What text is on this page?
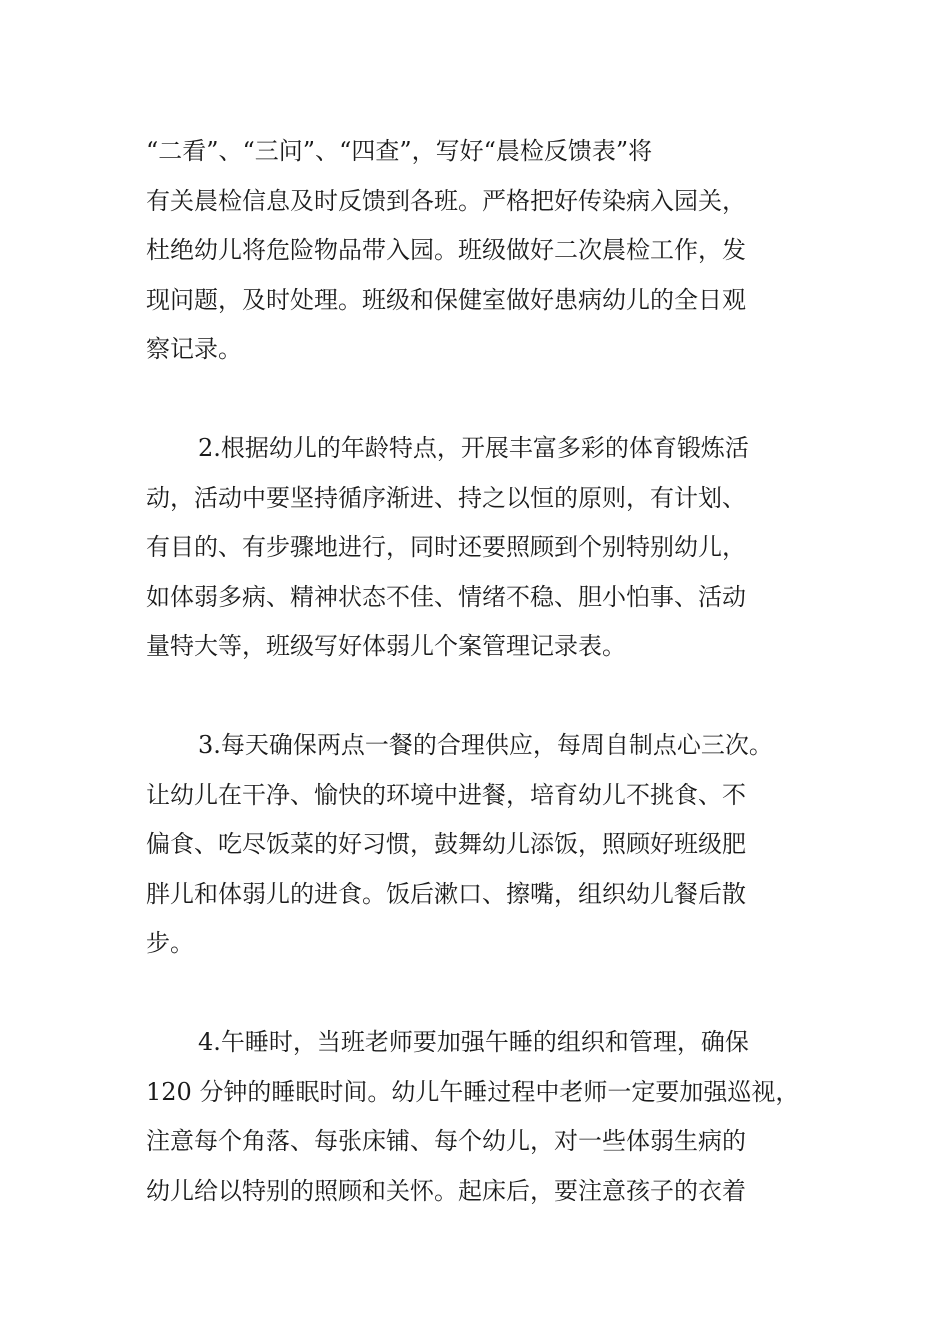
“二看”、“三问”、“四查”，写好“晨检反馈表”将
有关晨检信息及时反馈到各班。严格把好传染病入园关，
杜绝幼儿将危险物品带入园。班级做好二次晨检工作，发
现问题，及时处理。班级和保健室做好患病幼儿的全日观
察记录。
2.根据幼儿的年龄特点，开展丰富多彩的体育锻炼活
动，活动中要坚持循序渐进、持之以恒的原则，有计划、
有目的、有步骤地进行，同时还要照顾到个别特别幼儿，
如体弱多病、精神状态不佳、情绪不稳、胆小怕事、活动
量特大等，班级写好体弱儿个案管理记录表。
3.每天确保两点一餐的合理供应，每周自制点心三次。
让幼儿在干净、愉快的环境中进餐，培育幼儿不挑食、不
偏食、吃尽饭菜的好习惯，鼓舞幼儿添饭，照顾好班级肥
胖儿和体弱儿的进食。饭后漱口、擦嘴，组织幼儿餐后散
步。
4.午睡时，当班老师要加强午睡的组织和管理，确保
120 分钟的睡眠时间。幼儿午睡过程中老师一定要加强巡视，
注意每个角落、每张床铺、每个幼儿，对一些体弱生病的
幼儿给以特别的照顾和关怀。起床后，要注意孩子的衣着
